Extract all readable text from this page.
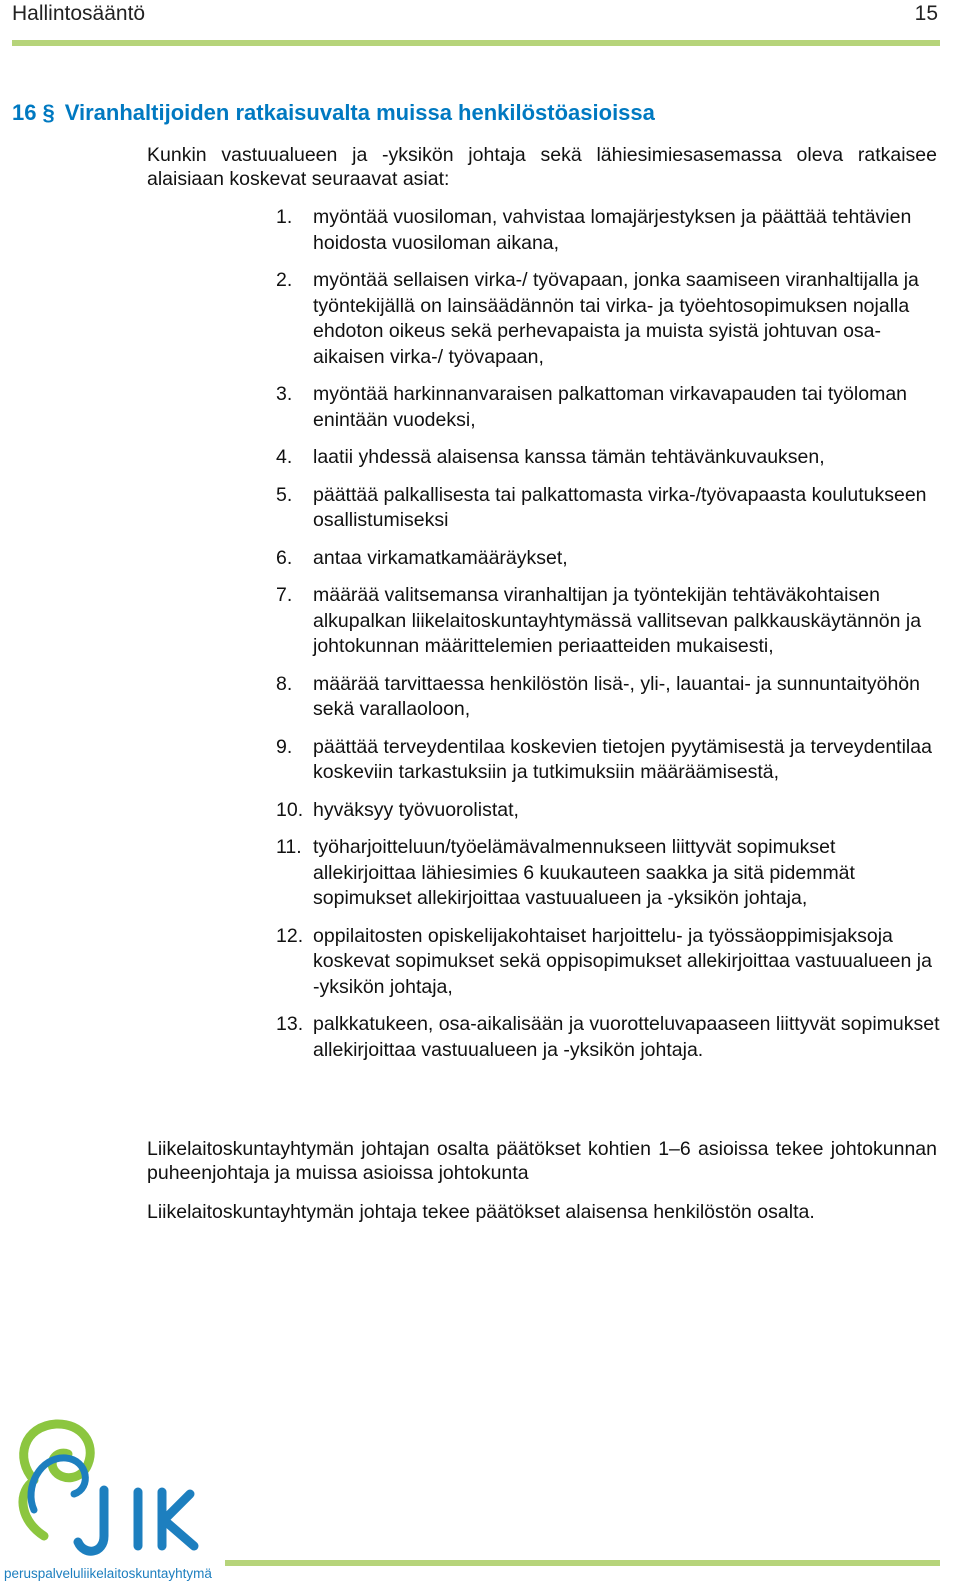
Hallintosääntö	15
16 § Viranhaltijoiden ratkaisuvalta muissa henkilöstöasioissa
Kunkin vastuualueen ja -yksikön johtaja sekä lähiesimiesasemassa oleva ratkaisee alaisiaan koskevat seuraavat asiat:
1.	myöntää vuosiloman, vahvistaa lomajärjestyksen ja päättää tehtävien hoidosta vuosiloman aikana,
2.	myöntää sellaisen virka-/ työvapaan, jonka saamiseen viranhaltijalla ja työntekijällä on lainsäädännön tai virka- ja työehtosopimuksen nojalla ehdoton oikeus sekä perhevapaista ja muista syistä johtuvan osa-aikaisen virka-/ työvapaan,
3.	myöntää harkinnanvaraisen palkattoman virkavapauden tai työloman enintään vuodeksi,
4.	laatii yhdessä alaisensa kanssa tämän tehtävänkuvauksen,
5.	päättää palkallisesta tai palkattomasta virka-/työvapaasta koulutukseen osallistumiseksi
6.	antaa virkamatkamääräykset,
7.	määrää valitsemansa viranhaltijan ja työntekijän tehtäväkohtaisen alkupalkan liikelaitoskuntayhtymässä vallitsevan palkkauskäytännön ja johtokunnan määrittelemien periaatteiden mukaisesti,
8.	määrää tarvittaessa henkilöstön lisä-, yli-, lauantai- ja sunnuntaityöhön sekä varallaoloon,
9.	päättää terveydentilaa koskevien tietojen pyytämisestä ja terveydentilaa koskeviin tarkastuksiin ja tutkimuksiin määräämisestä,
10. hyväksyy työvuorolistat,
11. työharjoitteluun/työelämävalmennukseen liittyvät sopimukset allekirjoittaa lähiesimies 6 kuukauteen saakka ja sitä pidemmät sopimukset allekirjoittaa vastuualueen ja -yksikön johtaja,
12. oppilaitosten opiskelijakohtaiset harjoittelu- ja työssäoppimisjaksoja koskevat sopimukset sekä oppisopimukset allekirjoittaa vastuualueen ja -yksikön johtaja,
13. palkkatukeen, osa-aikalisään ja vuorotteluvapaaseen liittyvät sopimukset allekirjoittaa vastuualueen ja -yksikön johtaja.
Liikelaitoskuntayhtymän johtajan osalta päätökset kohtien 1–6 asioissa tekee johtokunnan puheenjohtaja ja muissa asioissa johtokunta
Liikelaitoskuntayhtymän johtaja tekee päätökset alaisensa henkilöstön osalta.
peruspalveluliikelaitoskuntayhtymä
